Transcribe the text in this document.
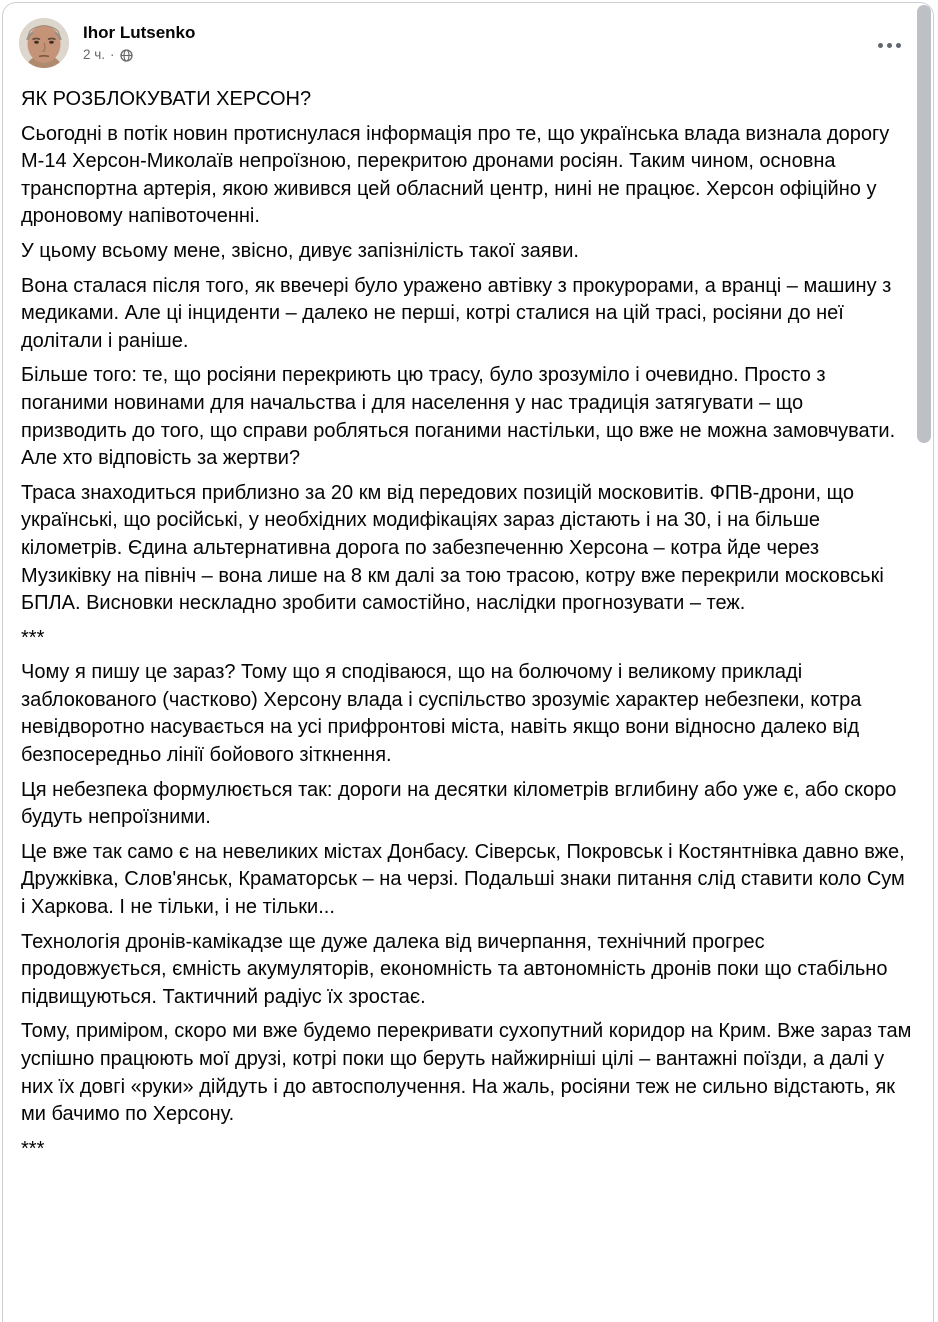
Ihor Lutsenko
2 ч. ·

ЯК РОЗБЛОКУВАТИ ХЕРСОН?

Сьогодні в потік новин протиснулася інформація про те, що українська влада визнала дорогу М-14 Херсон-Миколаїв непроїзною, перекритою дронами росіян. Таким чином, основна транспортна артерія, якою живився цей обласний центр, нині не працює. Херсон офіційно у дроновому напівоточенні.

У цьому всьому мене, звісно, дивує запізнілість такої заяви.

Вона сталася після того, як ввечері було уражено автівку з прокурорами, а вранці – машину з медиками. Але ці інциденти – далеко не перші, котрі сталися на цій трасі, росіяни до неї долітали і раніше.

Більше того: те, що росіяни перекриють цю трасу, було зрозуміло і очевидно. Просто з поганими новинами для начальства і для населення у нас традиція затягувати – що призводить до того, що справи робляться поганими настільки, що вже не можна замовчувати. Але хто відповість за жертви?

Траса знаходиться приблизно за 20 км від передових позицій московитів. ФПВ-дрони, що українські, що російські, у необхідних модифікаціях зараз дістають і на 30, і на більше кілометрів. Єдина альтернативна дорога по забезпеченню Херсона – котра йде через Музиківку на північ – вона лише на 8 км далі за тою трасою, котру вже перекрили московські БПЛА. Висновки нескладно зробити самостійно, наслідки прогнозувати – теж.

***

Чому я пишу це зараз? Тому що я сподіваюся, що на болючому і великому прикладі заблокованого (частково) Херсону влада і суспільство зрозуміє характер небезпеки, котра невідворотно насувається на усі прифронтові міста, навіть якщо вони відносно далеко від безпосередньо лінії бойового зіткнення.

Ця небезпека формулюється так: дороги на десятки кілометрів вглибину або уже є, або скоро будуть непроїзними.

Це вже так само є на невеликих містах Донбасу. Сіверськ, Покровськ і Костянтнівка давно вже, Дружківка, Слов'янськ, Краматорськ – на черзі. Подальші знаки питання слід ставити коло Сум і Харкова. І не тільки, і не тільки...

Технологія дронів-камікадзе ще дуже далека від вичерпання, технічний прогрес продовжується, ємність акумуляторів, економність та автономність дронів поки що стабільно підвищуються. Тактичний радіус їх зростає.

Тому, приміром, скоро ми вже будемо перекривати сухопутний коридор на Крим. Вже зараз там успішно працюють мої друзі, котрі поки що беруть найжирніші цілі – вантажні поїзди, а далі у них їх довгі «руки» дійдуть і до автосполучення. На жаль, росіяни теж не сильно відстають, як ми бачимо по Херсону.

***
